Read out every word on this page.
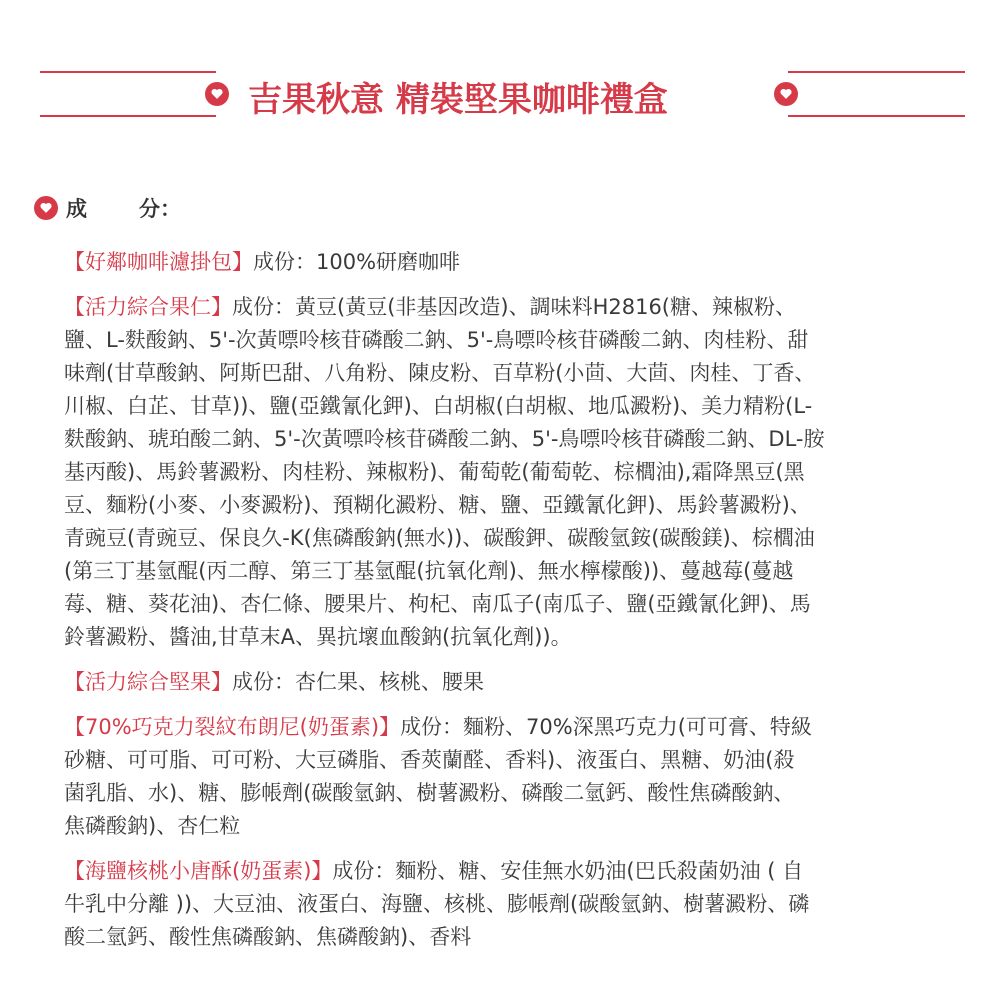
吉果秋意 精裝堅果咖啡禮盒
成 分：
【好鄰咖啡濾掛包】成份：100%研磨咖啡
【活力綜合果仁】成份：黃豆(黃豆(非基因改造)、調味料H2816(糖、辣椒粉、
鹽、L-麩酸鈉、5'-次黃嘌呤核苷磷酸二鈉、5'-鳥嘌呤核苷磷酸二鈉、肉桂粉、甜
味劑(甘草酸鈉、阿斯巴甜、八角粉、陳皮粉、百草粉(小茴、大茴、肉桂、丁香、
川椒、白芷、甘草))、鹽(亞鐵氰化鉀)、白胡椒(白胡椒、地瓜澱粉)、美力精粉(L-
麩酸鈉、琥珀酸二鈉、5'-次黃嘌呤核苷磷酸二鈉、5'-鳥嘌呤核苷磷酸二鈉、DL-胺
基丙酸)、馬鈴薯澱粉、肉桂粉、辣椒粉)、葡萄乾(葡萄乾、棕櫚油),霜降黑豆(黑
豆、麵粉(小麥、小麥澱粉)、預糊化澱粉、糖、鹽、亞鐵氰化鉀)、馬鈴薯澱粉)、
青豌豆(青豌豆、保良久-K(焦磷酸鈉(無水))、碳酸鉀、碳酸氫銨(碳酸鎂)、棕櫚油
(第三丁基氫醌(丙二醇、第三丁基氫醌(抗氧化劑)、無水檸檬酸))、蔓越莓(蔓越
莓、糖、葵花油)、杏仁條、腰果片、枸杞、南瓜子(南瓜子、鹽(亞鐵氰化鉀)、馬
鈴薯澱粉、醬油,甘草末A、異抗壞血酸鈉(抗氧化劑))。
【活力綜合堅果】成份：杏仁果、核桃、腰果
【70%巧克力裂紋布朗尼(奶蛋素)】成份：麵粉、70%深黑巧克力(可可膏、特級
砂糖、可可脂、可可粉、大豆磷脂、香莢蘭醛、香料)、液蛋白、黑糖、奶油(殺
菌乳脂、水)、糖、膨帳劑(碳酸氫鈉、樹薯澱粉、磷酸二氫鈣、酸性焦磷酸鈉、
焦磷酸鈉)、杏仁粒
【海鹽核桃小唐酥(奶蛋素)】成份：麵粉、糖、安佳無水奶油(巴氏殺菌奶油 ( 自
牛乳中分離 ))、大豆油、液蛋白、海鹽、核桃、膨帳劑(碳酸氫鈉、樹薯澱粉、磷
酸二氫鈣、酸性焦磷酸鈉、焦磷酸鈉)、香料
